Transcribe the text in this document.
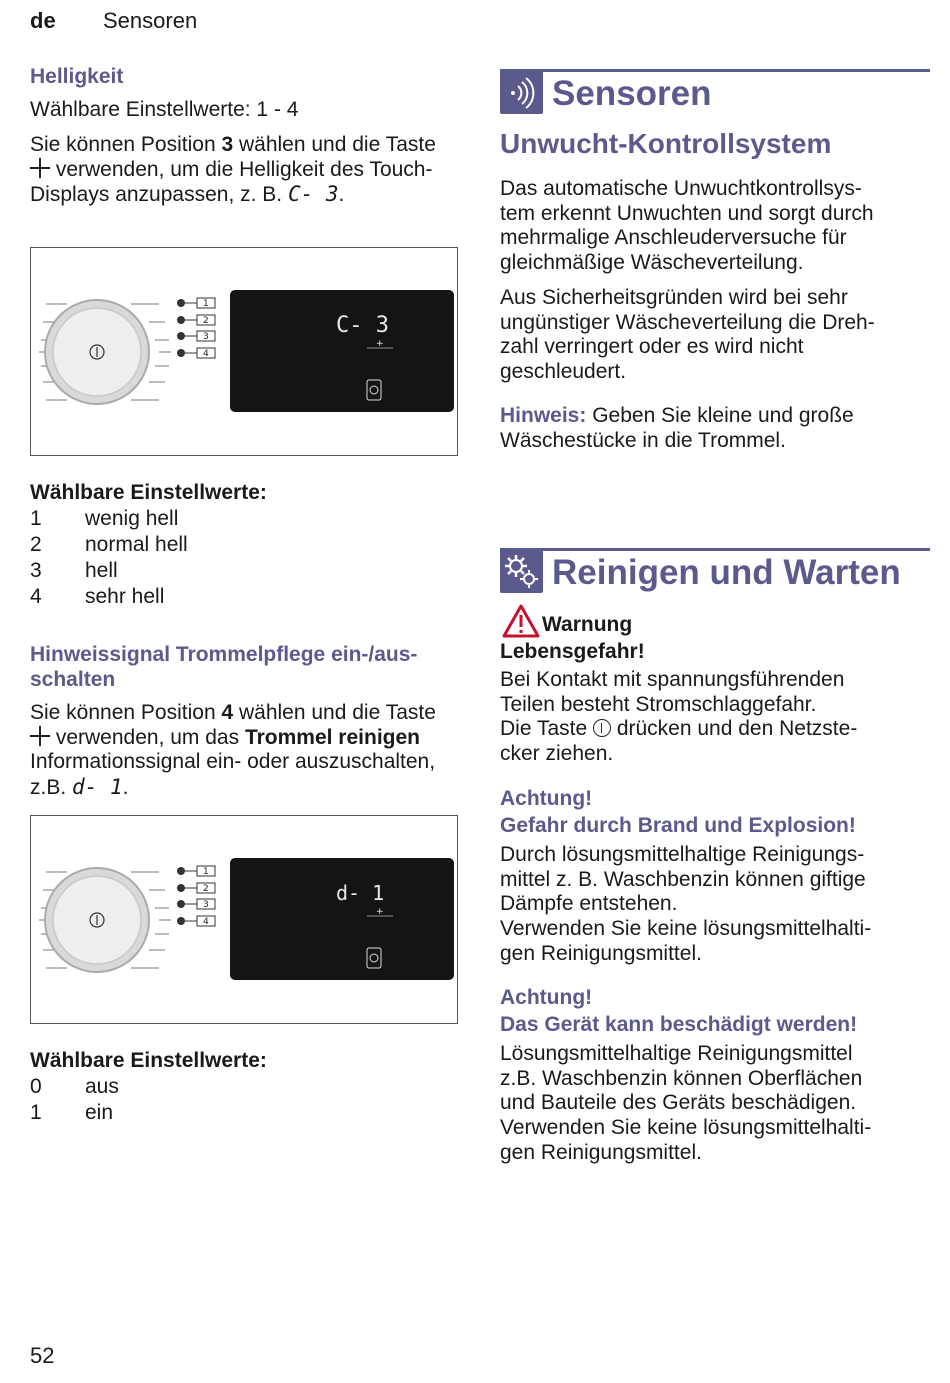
de Sensoren
Helligkeit
Wählbare Einstellwerte: 1 - 4
Sie können Position 3 wählen und die Taste  verwenden, um die Helligkeit des Touch-Displays anzupassen, z. B. C- 3.
C- 3
+
1
2
3
4
Wählbare Einstellwerte:
1	wenig hell
2	normal hell
3	hell
4	sehr hell
Hinweissignal Trommelpflege ein-/aus-
schalten
Sie können Position 4 wählen und die Taste  verwenden, um das Trommel reinigen Informationssignal ein- oder auszuschalten, z.B. d- 1.
d- 1
+
1
2
3
4
Wählbare Einstellwerte:
0	aus
1	ein
52
Sensoren
Unwucht-Kontrollsystem
Das automatische Unwuchtkontrollsys-
tem erkennt Unwuchten und sorgt durch
mehrmalige Anschleuderversuche für
gleichmäßige Wäscheverteilung.
Aus Sicherheitsgründen wird bei sehr
ungünstiger Wäscheverteilung die Dreh-
zahl verringert oder es wird nicht
geschleudert.
Hinweis: Geben Sie kleine und große Wäschestücke in die Trommel.
Reinigen und Warten
Warnung
Lebensgefahr!
Bei Kontakt mit spannungsführenden
Teilen besteht Stromschlaggefahr.
Die Taste  drücken und den Netzste-
cker ziehen.
Achtung!
Gefahr durch Brand und Explosion!
Durch lösungsmittelhaltige Reinigungs-
mittel z. B. Waschbenzin können giftige
Dämpfe entstehen.
Verwenden Sie keine lösungsmittelhalti-
gen Reinigungsmittel.
Achtung!
Das Gerät kann beschädigt werden!
Lösungsmittelhaltige Reinigungsmittel
z.B. Waschbenzin können Oberflächen
und Bauteile des Geräts beschädigen.
Verwenden Sie keine lösungsmittelhalti-
gen Reinigungsmittel.
